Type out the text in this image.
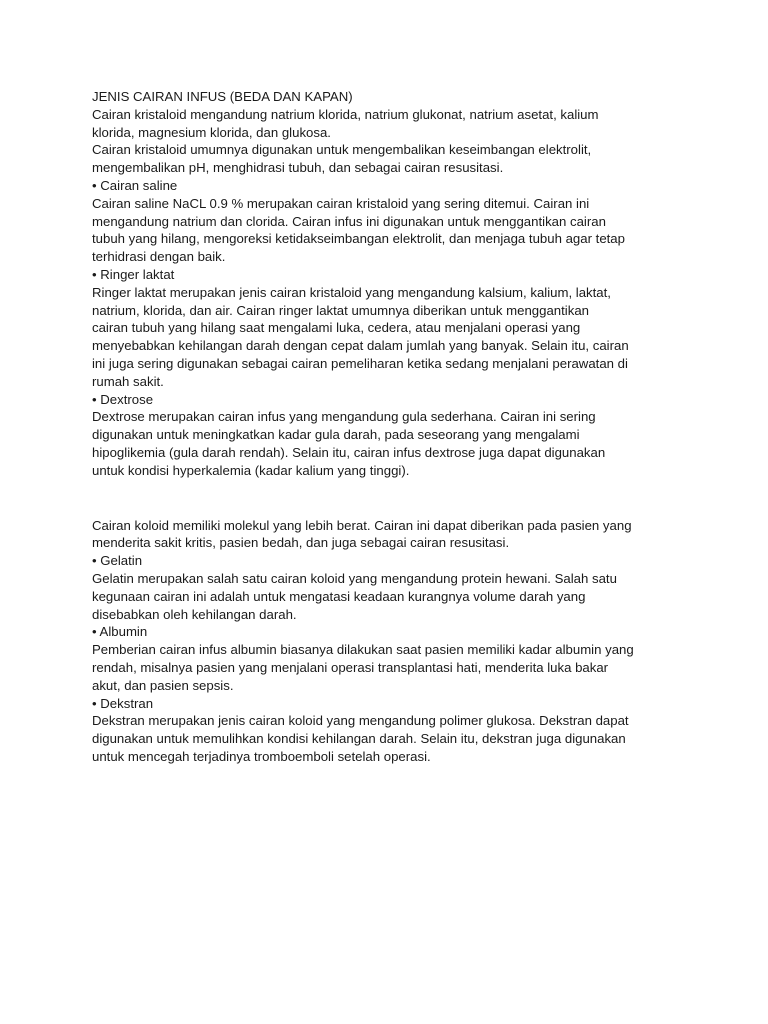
JENIS CAIRAN INFUS (BEDA DAN KAPAN)
Cairan kristaloid mengandung natrium klorida, natrium glukonat, natrium asetat, kalium
klorida, magnesium klorida, dan glukosa.
Cairan kristaloid umumnya digunakan untuk mengembalikan keseimbangan elektrolit,
mengembalikan pH, menghidrasi tubuh, dan sebagai cairan resusitasi.
• Cairan saline
Cairan saline NaCL 0.9 % merupakan cairan kristaloid yang sering ditemui. Cairan ini
mengandung natrium dan clorida. Cairan infus ini digunakan untuk menggantikan cairan
tubuh yang hilang, mengoreksi ketidakseimbangan elektrolit, dan menjaga tubuh agar tetap
terhidrasi dengan baik.
• Ringer laktat
Ringer laktat merupakan jenis cairan kristaloid yang mengandung kalsium, kalium, laktat,
natrium, klorida, dan air. Cairan ringer laktat umumnya diberikan untuk menggantikan
cairan tubuh yang hilang saat mengalami luka, cedera, atau menjalani operasi yang
menyebabkan kehilangan darah dengan cepat dalam jumlah yang banyak. Selain itu, cairan
ini juga sering digunakan sebagai cairan pemeliharan ketika sedang menjalani perawatan di
rumah sakit.
• Dextrose
Dextrose merupakan cairan infus yang mengandung gula sederhana. Cairan ini sering
digunakan untuk meningkatkan kadar gula darah, pada seseorang yang mengalami
hipoglikemia (gula darah rendah). Selain itu, cairan infus dextrose juga dapat digunakan
untuk kondisi hyperkalemia (kadar kalium yang tinggi).
Cairan koloid memiliki molekul yang lebih berat. Cairan ini dapat diberikan pada pasien yang
menderita sakit kritis, pasien bedah, dan juga sebagai cairan resusitasi.
• Gelatin
Gelatin merupakan salah satu cairan koloid yang mengandung protein hewani. Salah satu
kegunaan cairan ini adalah untuk mengatasi keadaan kurangnya volume darah yang
disebabkan oleh kehilangan darah.
• Albumin
Pemberian cairan infus albumin biasanya dilakukan saat pasien memiliki kadar albumin yang
rendah, misalnya pasien yang menjalani operasi transplantasi hati, menderita luka bakar
akut, dan pasien sepsis.
• Dekstran
Dekstran merupakan jenis cairan koloid yang mengandung polimer glukosa. Dekstran dapat
digunakan untuk memulihkan kondisi kehilangan darah. Selain itu, dekstran juga digunakan
untuk mencegah terjadinya tromboemboli setelah operasi.
